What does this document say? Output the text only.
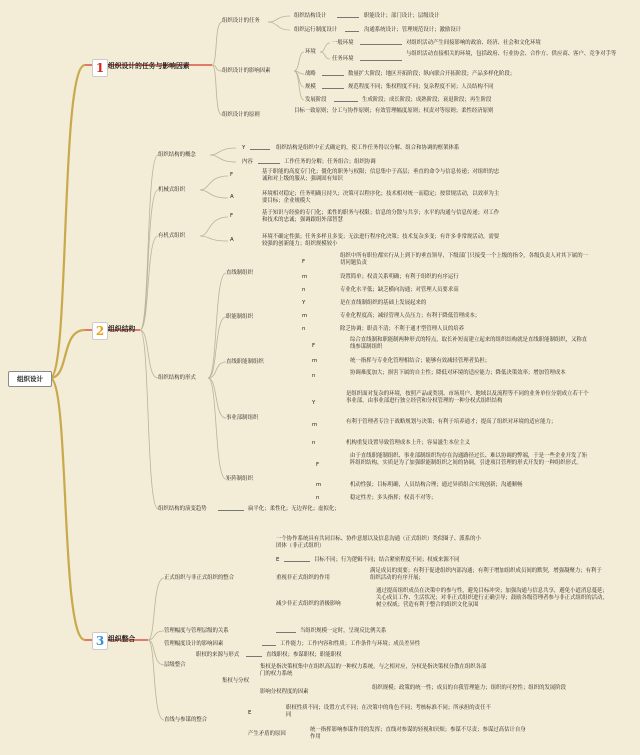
组织设计
1 组织设计的任务与影响因素
组织设计的任务
组织结构设计	职能设计；部门设计；层级设计
组织运行制度设计	沟通系统设计；管理规范设计；激励设计
组织设计的影响因素
环境
一般环境	对组织活动产生间接影响的政治、经济、社会和文化环境
任务环境
与组织活动直接相关的环境，包括政府、行业协会、合作方、供应商、客户、竞争对手等
战略	数量扩大阶段；地区开拓阶段；纵向联合开拓阶段；产品多样化阶段；
规模	规范程度不同；集权程度不同；复杂程度不同；人员结构不同
发展阶段	生成阶段；成长阶段；成熟阶段；衰退阶段；再生阶段
组织设计的原则
目标一致原则；分工与协作原则；有效管理幅度原则；权责对等原则；柔性经济原则
2 组织结构
组织结构的概念
Y	组织结构是组织中正式确定的，使工作任务得以分解、组合和协调的框架体系
内容	工作任务的分解；任务组合；组织协调
机械式组织
F	基于职能的高度专门化；僵化的职务与权限；信息集中于高层；垂直的命令与信息传递；对组织的忠诚和对上级的服从；强调固有知识
A	环境相对稳定；任务明确且持久；决策可以程序化；技术相对统一而稳定；按常规活动，以效率为主要目标；企业规模大
有机式组织
F	基于知识与经验的专门化；柔性的职务与权限；信息的分散与共享；水平的沟通与信息传递；对工作和技术的忠诚；强调跟组外部智慧
A	环境不确定性强；任务多样且多变；无法进行程序化决策；技术复杂多变；有许多非常规活动，需要较强的创新能力；组织规模较小
组织结构的形式
直线制组织
F
组织中所有职位都实行从上到下的垂直领导，下级部门只接受一个上级的指令，各级负责人对其下属的一切问题负责
m	设置简单；权责关系明确；有利于组织的有序运行
n	专业化水平低；缺乏横向沟通；对管理人员要求高
职能制组织
Y	是在直线制组织的基础上发展起来的
m	专业化程度高；减轻管理人员压力；有利于降低管理成本；
n	除乏协调；职责不清；不利于通才型管理人员的培养
直线职能制组织
F
综合直线制和职能制两种形式的特点，取长补短而建立起来的组织结构就是直线职能制组织，又称直线参谋制组织
m	统一指挥与专业化管理相结合；能够有效减轻管理者负担；
n	协调难度加大；损害下属的自主性；降低对环境的适应能力；降低决策效率；增加管理成本
事业部制组织
Y
是组织面对复杂的环境，按照产品或类别、市场用户、地域以及流程等不同的业务单位分别成立若干个事业部，由事业部进行独立经营和分权管理的一种分权式组织结构
m	有利于管理者专注于战略规划与决策；有利于培养通才；提高了组织对环境的适应能力；
n	机构重复设置导致管理成本上升；容易滋生本位主义
矩阵制组织
F
由于直线职能制组织、事业部制组织均存在沟通路径过长、难以协调的弊端，于是一些企业开发了矩阵组织结构，实质是为了加强职能制组织之间的协调，引进项目管理的形式开发的一种组织形式。
m	机动性强；目标明确，人员结构合理；通过异质组合实现创新；沟通顺畅
n	稳定性差；多头指挥；权责不对等；
组织结构的演变趋势	扁平化；柔性化；无边界化；虚拟化；
3 组织整合
正式组织与非正式组织的整合
一个协作系统具有共同目标、协作意愿以及信息沟通（正式组织）类似圈子、派系的小团体（非正式组织）
E	目标不同；行为逻辑不同；结合紧密程度不同；权威来源不同
重视非正式组织的作用
满足成员的需要；有利于促进组织内部沟通；有利于增加组织成员间的默契，增强凝聚力；有利于组织活动的有序开展；
减少非正式组织的消极影响
通过提高组织成员在决策中的参与性，避免目标冲突；加强沟通与信息共享，避免小道消息蔓延；关心成员工作、生活状况；对非正式组织进行正确引导；鼓励各级管理者参与非正式组织的活动，树立权威；营造有利于整合的组织文化氛围
管理幅度与管理层级的关系	当组织规模一定时，呈现反比例关系
管理幅度设计的影响因素	工作能力；工作内容和性质；工作条件与环境；成员差异性
层级整合
职权的来源与形式	直线职权；参谋职权；职能职权
集权与分权
集权是指决策权集中在组织高层的一种权力系统。与之相对应，分权是指决策权分散在组织各部门的权力系统
影响分权程度的因素
组织规模；政策的统一性；成员的自我管理能力；组织的可控性；组织的发展阶段
直线与参谋的整合
E
职权性质不同；设置方式不同；在决策中的角色不同；考核标准不同；所承担的责任不同
产生矛盾的原因
统一指挥影响参谋作用的发挥；直线对参谋的轻视和厌烦；参谋不尽责；参谋过高估计自身作用
